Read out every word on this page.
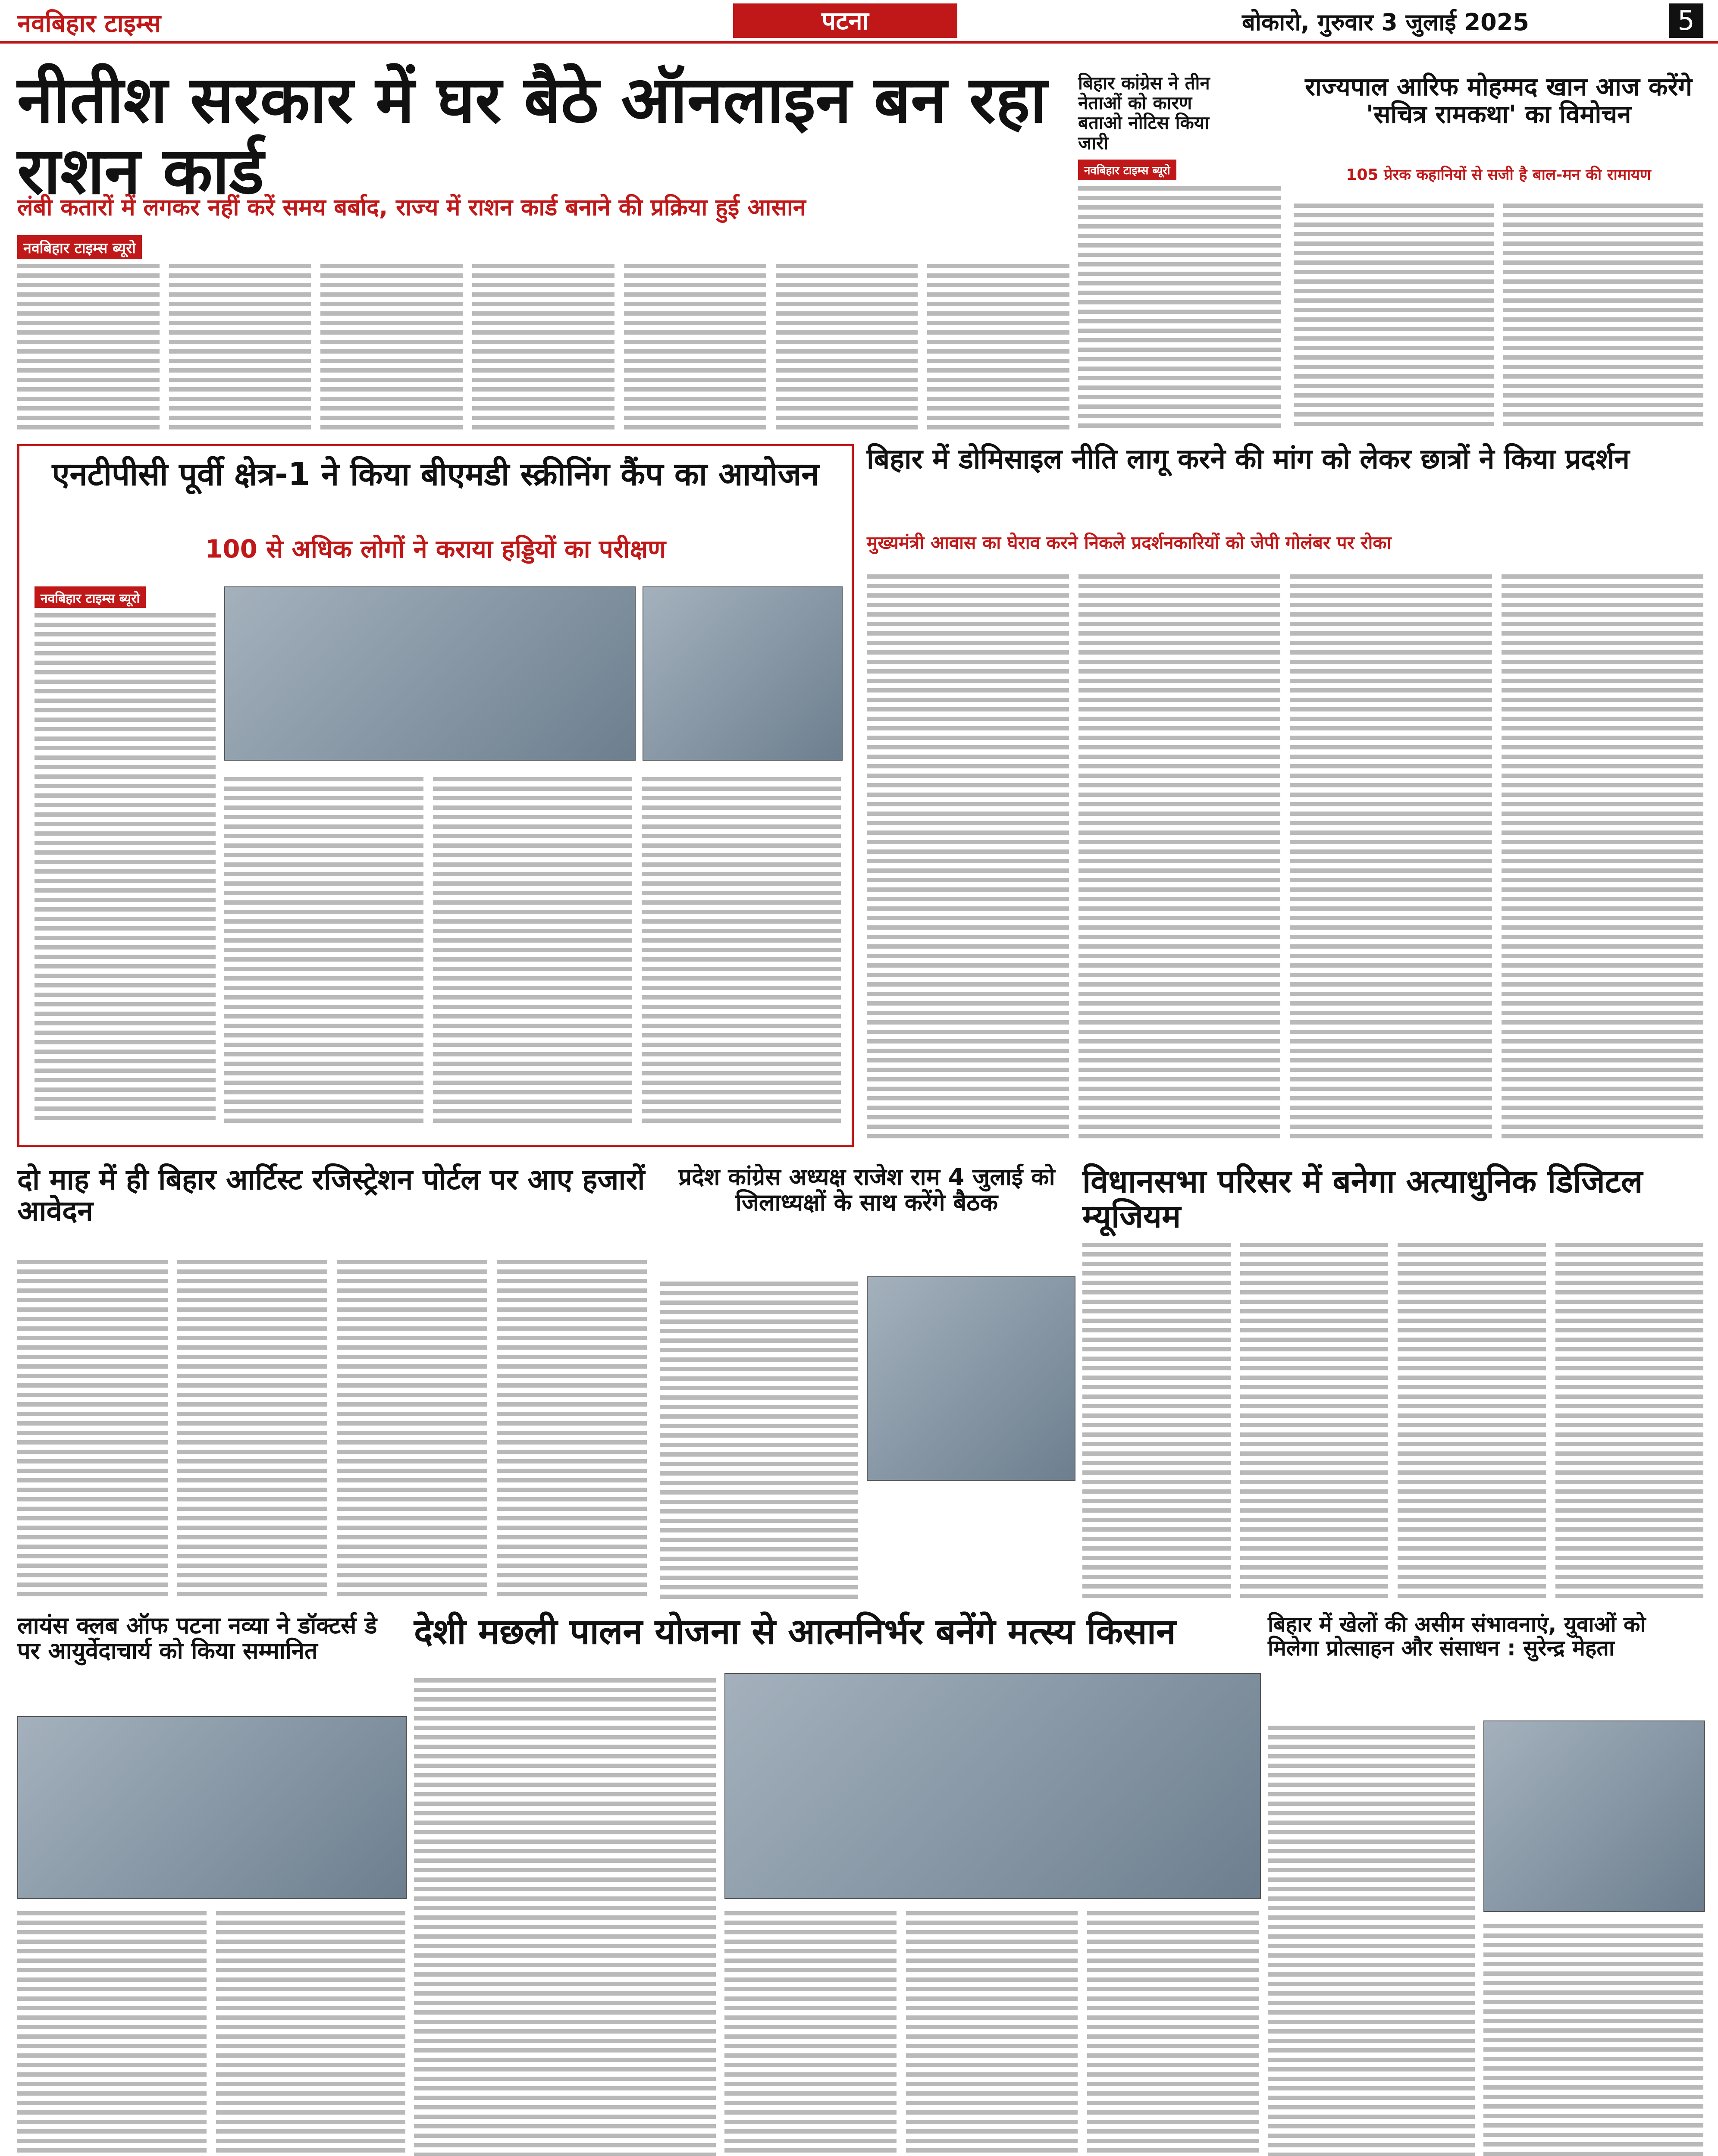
नवबिहार टाइम्स	पटना	बोकारो, गुरुवार 3 जुलाई 2025	5
नीतीश सरकार में घर बैठे ऑनलाइन बन रहा राशन कार्ड
लंबी कतारों में लगकर नहीं करें समय बर्बाद, राज्य में राशन कार्ड बनाने की प्रक्रिया हुई आसान
नवबिहार टाइम्स ब्यूरो
बिहार कांग्रेस ने तीन नेताओं को कारण बताओ नोटिस किया जारी
नवबिहार टाइम्स ब्यूरो
राज्यपाल आरिफ मोहम्मद खान आज करेंगे 'सचित्र रामकथा' का विमोचन
105 प्रेरक कहानियों से सजी है बाल-मन की रामायण
एनटीपीसी पूर्वी क्षेत्र-1 ने किया बीएमडी स्क्रीनिंग कैंप का आयोजन
100 से अधिक लोगों ने कराया हड्डियों का परीक्षण
नवबिहार टाइम्स ब्यूरो
बिहार में डोमिसाइल नीति लागू करने की मांग को लेकर छात्रों ने किया प्रदर्शन
मुख्यमंत्री आवास का घेराव करने निकले प्रदर्शनकारियों को जेपी गोलंबर पर रोका
दो माह में ही बिहार आर्टिस्ट रजिस्ट्रेशन पोर्टल पर आए हजारों आवेदन
प्रदेश कांग्रेस अध्यक्ष राजेश राम 4 जुलाई को जिलाध्यक्षों के साथ करेंगे बैठक
विधानसभा परिसर में बनेगा अत्याधुनिक डिजिटल म्यूजियम
लायंस क्लब ऑफ पटना नव्या ने डॉक्टर्स डे पर आयुर्वेदाचार्य को किया सम्मानित	देशी मछली पालन योजना से आत्मनिर्भर बनेंगे मत्स्य किसान	बिहार में खेलों की असीम संभावनाएं, युवाओं को मिलेगा प्रोत्साहन और संसाधन : सुरेन्द्र मेहता
